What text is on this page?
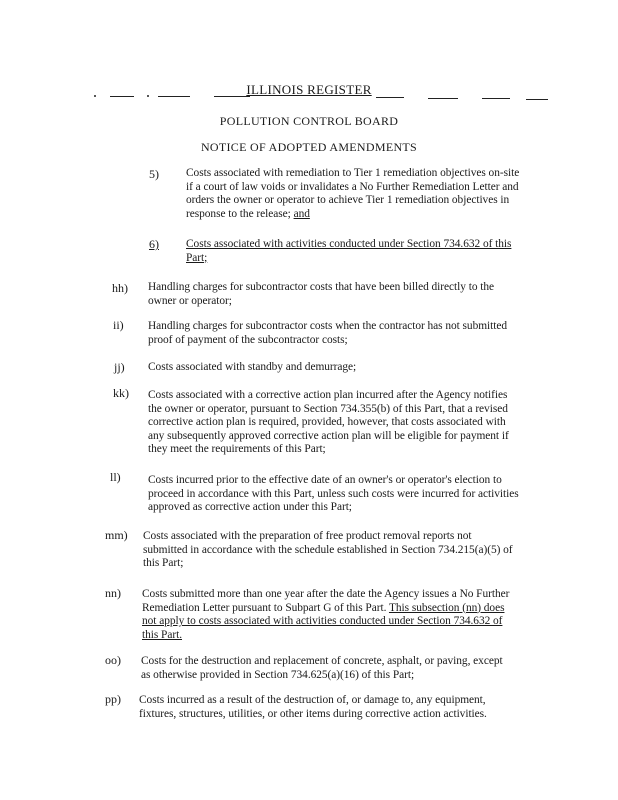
ILLINOIS REGISTER
POLLUTION CONTROL BOARD
NOTICE OF ADOPTED AMENDMENTS
5) Costs associated with remediation to Tier 1 remediation objectives on-site
if a court of law voids or invalidates a No Further Remediation Letter and
orders the owner or operator to achieve Tier 1 remediation objectives in
response to the release; and
6) Costs associated with activities conducted under Section 734.632 of this
Part;
hh) Handling charges for subcontractor costs that have been billed directly to the
owner or operator;
ii) Handling charges for subcontractor costs when the contractor has not submitted
proof of payment of the subcontractor costs;
jj) Costs associated with standby and demurrage;
kk) Costs associated with a corrective action plan incurred after the Agency notifies
the owner or operator, pursuant to Section 734.355(b) of this Part, that a revised
corrective action plan is required, provided, however, that costs associated with
any subsequently approved corrective action plan will be eligible for payment if
they meet the requirements of this Part;
ll) Costs incurred prior to the effective date of an owner's or operator's election to
proceed in accordance with this Part, unless such costs were incurred for activities
approved as corrective action under this Part;
mm) Costs associated with the preparation of free product removal reports not
submitted in accordance with the schedule established in Section 734.215(a)(5) of
this Part;
nn) Costs submitted more than one year after the date the Agency issues a No Further
Remediation Letter pursuant to Subpart G of this Part. This subsection (nn) does
not apply to costs associated with activities conducted under Section 734.632 of
this Part.
oo) Costs for the destruction and replacement of concrete, asphalt, or paving, except
as otherwise provided in Section 734.625(a)(16) of this Part;
pp) Costs incurred as a result of the destruction of, or damage to, any equipment,
fixtures, structures, utilities, or other items during corrective action activities.
